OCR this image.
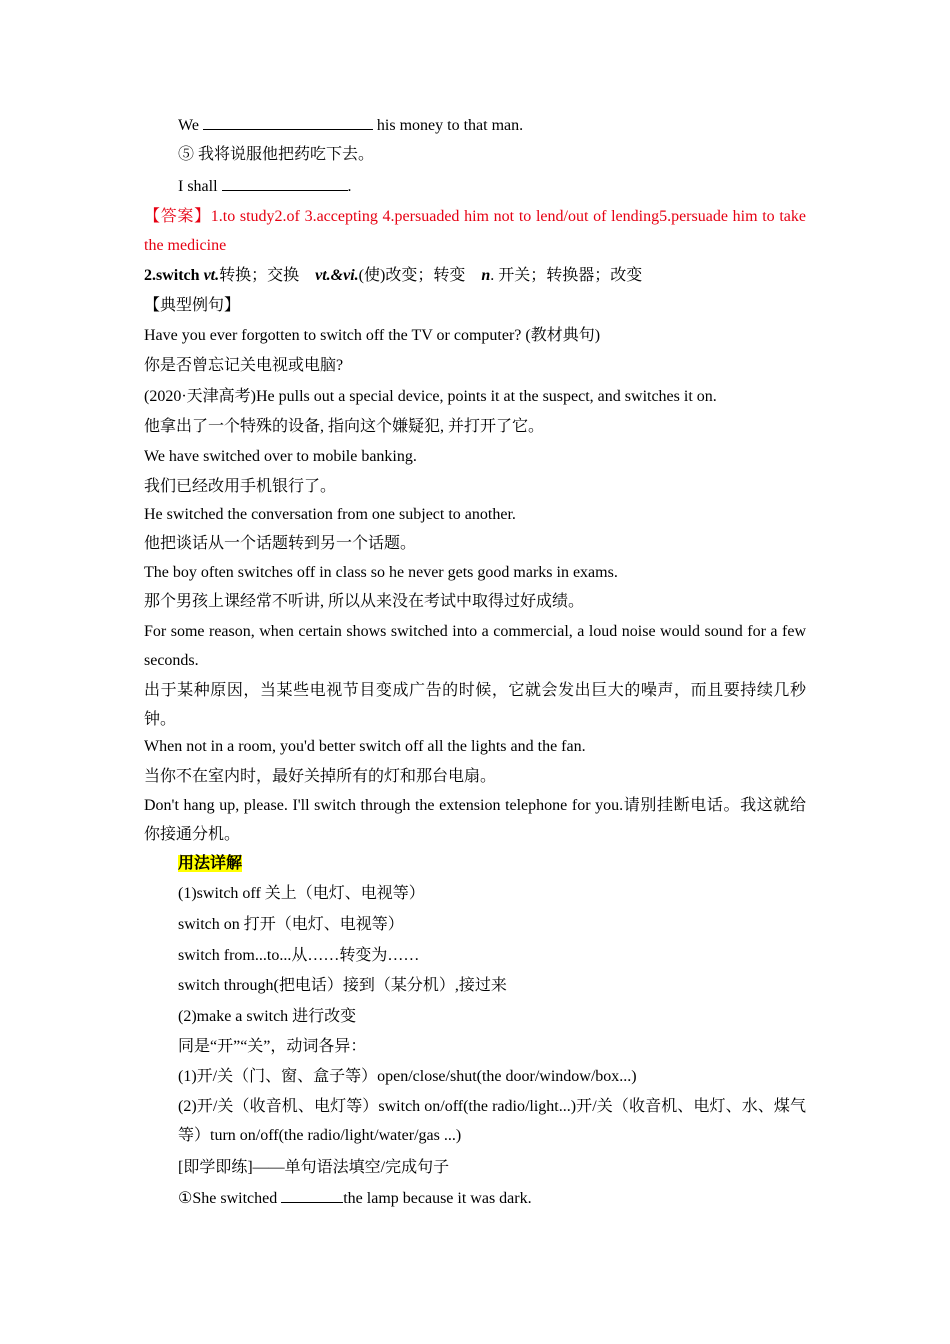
We	his money to that man.
⑤ 我将说服他把药吃下去。
I shall	.
【答案】1.to study2.of 3.accepting 4.persuaded him not to lend/out of lending5.persuade him to take the medicine
2.switch vt.转换；交换　vt.&vi.(使)改变；转变　n. 开关；转换器；改变
【典型例句】
Have you ever forgotten to switch off the TV or computer? (教材典句)
你是否曾忘记关电视或电脑?
(2020·天津高考)He pulls out a special device, points it at the suspect, and switches it on.
他拿出了一个特殊的设备, 指向这个嫌疑犯, 并打开了它。
We have switched over to mobile banking.
我们已经改用手机银行了。
He switched the conversation from one subject to another.
他把谈话从一个话题转到另一个话题。
The boy often switches off in class so he never gets good marks in exams.
那个男孩上课经常不听讲, 所以从来没在考试中取得过好成绩。
For some reason, when certain shows switched into a commercial, a loud noise would sound for a few seconds.
出于某种原因，当某些电视节目变成广告的时候，它就会发出巨大的噪声，而且要持续几秒钟。
When not in a room, you'd better switch off all the lights and the fan.
当你不在室内时，最好关掉所有的灯和那台电扇。
Don't hang up, please. I'll switch through the extension telephone for you.请别挂断电话。我这就给你接通分机。
用法详解
(1)switch off 关上（电灯、电视等）
switch on 打开（电灯、电视等）
switch from...to...从……转变为……
switch through(把电话）接到（某分机）,接过来
(2)make a switch 进行改变
同是“开”“关”，动词各异：
(1)开/关（门、窗、盒子等）open/close/shut(the door/window/box...)
(2)开/关（收音机、电灯等）switch on/off(the radio/light...)开/关（收音机、电灯、水、煤气等）turn on/off(the radio/light/water/gas ...)
[即学即练]——单句语法填空/完成句子
①She switched	the lamp because it was dark.
